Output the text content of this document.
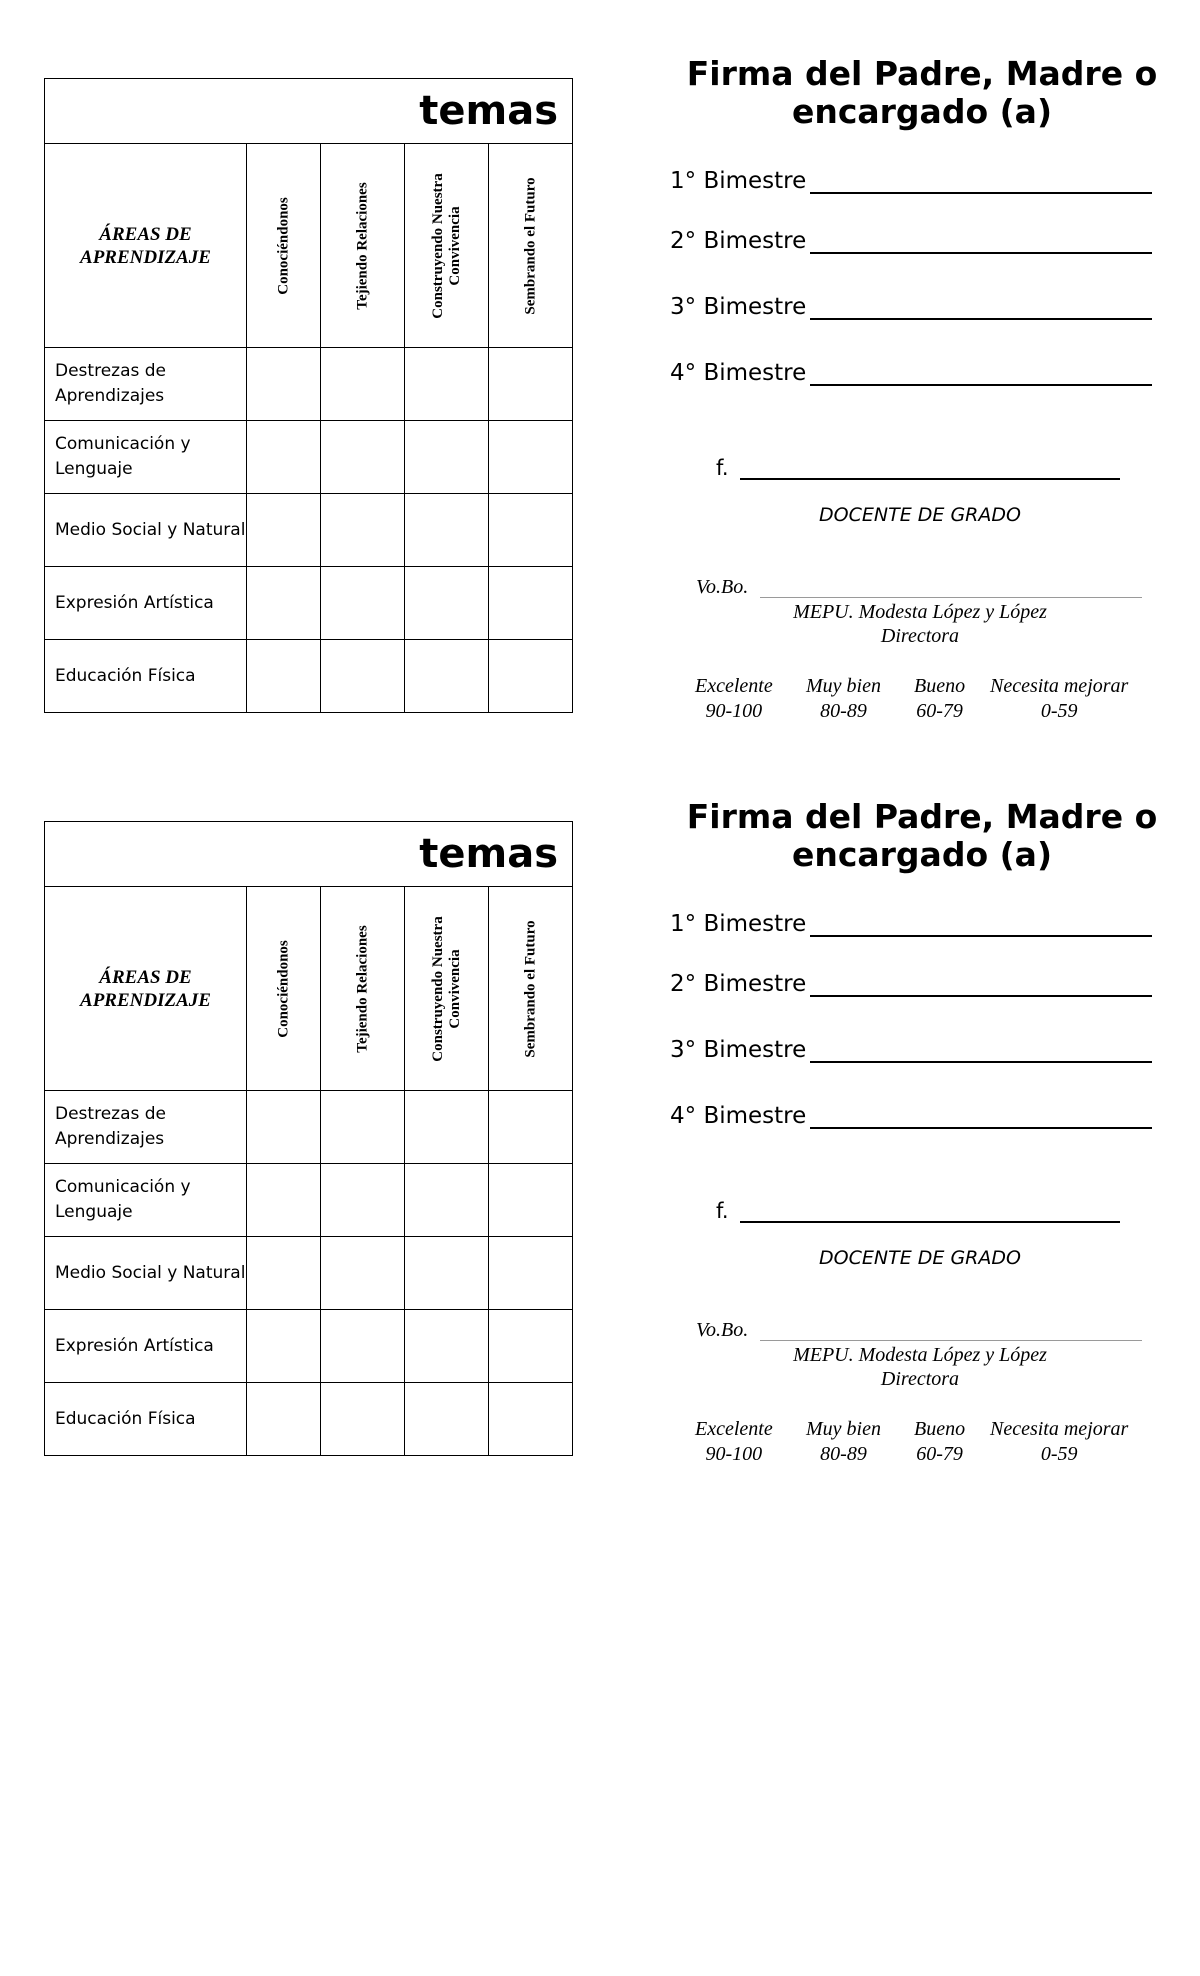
temas				
ÁREAS DE APRENDIZAJE	Conociéndonos	Tejiendo Relaciones	Construyendo Nuestra Convivencia	Sembrando el Futuro

Destrezas de Aprendizajes				
Comunicación y Lenguaje				
Medio Social y Natural				
Expresión Artística				
Educación Física				
Firma del Padre, Madre o encargado (a)
1° Bimestre
2° Bimestre
3° Bimestre
4° Bimestre
f.
DOCENTE DE GRADO
Vo.Bo.
MEPU. Modesta López y López
Directora
Excelente
90-100
Muy bien
80-89
Bueno
60-79
Necesita mejorar
0-59
temas				
ÁREAS DE APRENDIZAJE	Conociéndonos	Tejiendo Relaciones	Construyendo Nuestra Convivencia	Sembrando el Futuro

Destrezas de Aprendizajes				
Comunicación y Lenguaje				
Medio Social y Natural				
Expresión Artística				
Educación Física				
Firma del Padre, Madre o encargado (a)
1° Bimestre
2° Bimestre
3° Bimestre
4° Bimestre
f.
DOCENTE DE GRADO
Vo.Bo.
MEPU. Modesta López y López
Directora
Excelente
90-100
Muy bien
80-89
Bueno
60-79
Necesita mejorar
0-59
